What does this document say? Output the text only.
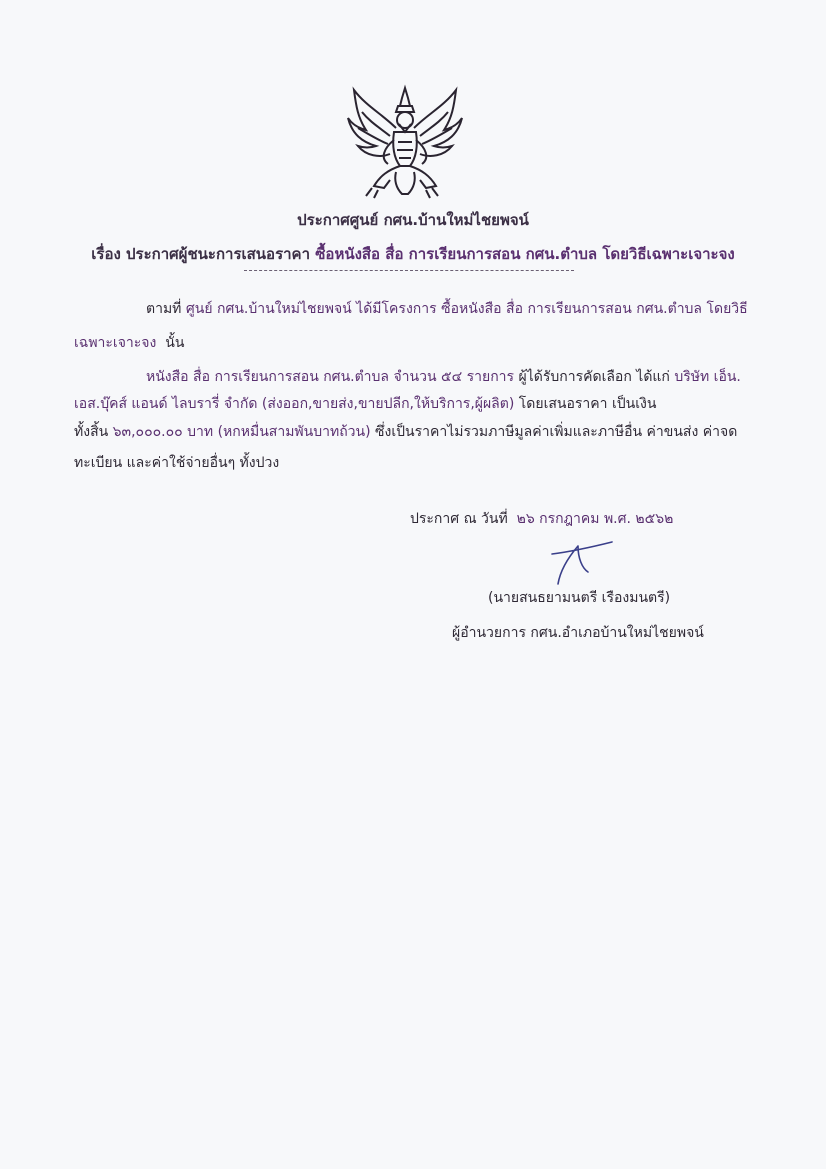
ประกาศศูนย์ กศน.บ้านใหม่ไชยพจน์
เรื่อง ประกาศผู้ชนะการเสนอราคา ซื้อหนังสือ สื่อ การเรียนการสอน กศน.ตำบล โดยวิธีเฉพาะเจาะจง
ตามที่ ศูนย์ กศน.บ้านใหม่ไชยพจน์ ได้มีโครงการ ซื้อหนังสือ สื่อ การเรียนการสอน กศน.ตำบล โดยวิธี
เฉพาะเจาะจง นั้น
หนังสือ สื่อ การเรียนการสอน กศน.ตำบล จำนวน ๕๔ รายการ ผู้ได้รับการคัดเลือก ได้แก่ บริษัท เอ็น.
เอส.บุ๊คส์ แอนด์ ไลบรารี่ จำกัด (ส่งออก,ขายส่ง,ขายปลีก,ให้บริการ,ผู้ผลิต) โดยเสนอราคา เป็นเงิน
ทั้งสิ้น ๖๓,๐๐๐.๐๐ บาท (หกหมื่นสามพันบาทถ้วน) ซึ่งเป็นราคาไม่รวมภาษีมูลค่าเพิ่มและภาษีอื่น ค่าขนส่ง ค่าจด
ทะเบียน และค่าใช้จ่ายอื่นๆ ทั้งปวง
ประกาศ ณ วันที่ ๒๖ กรกฎาคม พ.ศ. ๒๕๖๒
(นายสนธยามนตรี เรืองมนตรี)
ผู้อำนวยการ กศน.อำเภอบ้านใหม่ไชยพจน์
